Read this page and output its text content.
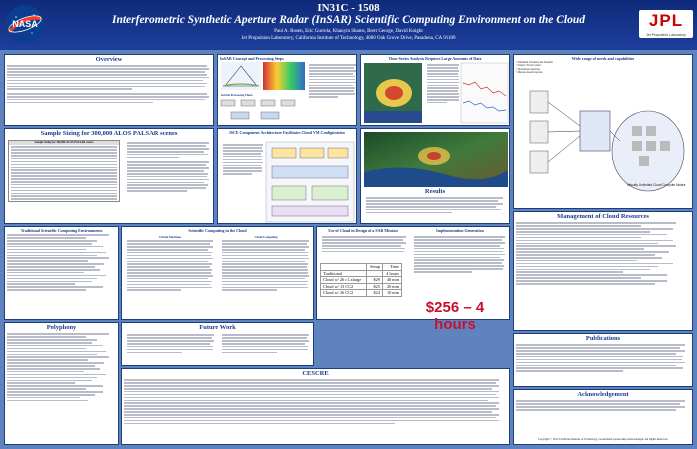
NASA
IN31C - 1508
Interferometric Synthetic Aperture Radar (InSAR) Scientific Computing Environment on the Cloud
Paul A. Rosen, Eric Gurrola, Khanyin Shams, Brett George, David Knight
Jet Propulsion Laboratory, California Institute of Technology, 4800 Oak Grove Drive, Pasadena, CA 91109
JPL
Jet Propulsion Laboratory
Overview	InSAR Concept and Processing Steps
InSAR Processing Times
Time-Series Analysis Requires Large Amounts of Data	Wide range of needs and capabilities
• Individual Scientists and Students
• Science "Power Users"
• Operational Agencies
• Disaster-based response
Virtually Unlimited Cloud Compute Nodes
Sample Sizing for 300,000 ALOS PALSAR scenes
Sample Sizing for 300,000 ALOS PALSAR scenes
ISCE Component Architecture Facilitates Cloud VM Configuration
Results
Traditional Scientific Computing Environments	Scientific Computing in the Cloud
Virtual Machines	Cloud Computing
Use of Cloud in Design of a SAR Mission
	Setup	Time
Traditional		4 hours
Cloud w/ 26 c1.xlarge	$29	40 min
Cloud w/ 13 CC2	$25	20 min
Cloud w/ 26 CC2	$24	10 min
Implementation Generation
$256 – 4 hours
Polyphony	Future Work
CESCRE
Management of Cloud Resources
Publications
Acknowledgement
Copyright © 2012 California Institute of Technology. Government sponsorship acknowledged. All Rights Reserved.
